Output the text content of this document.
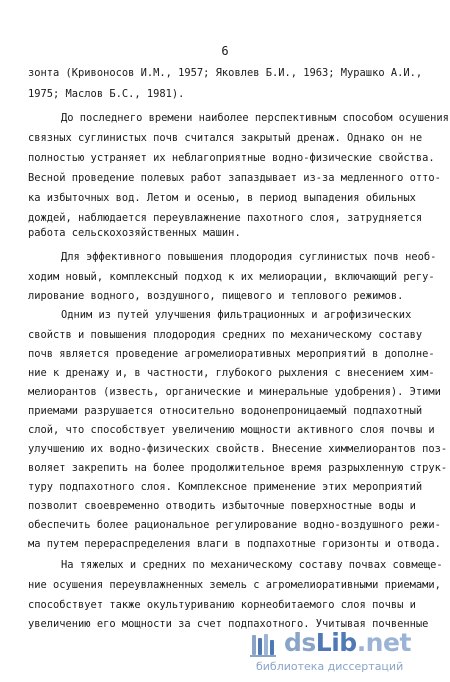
6
зонта (Кривоносов И.М., 1957; Яковлев Б.И., 1963; Мурашко А.И.,
1975; Маслов Б.С., 1981).
До последнего времени наиболее перспективным способом осушения
связных суглинистых почв считался закрытый дренаж. Однако он не
полностью устраняет их неблагоприятные водно-физические свойства.
Весной проведение полевых работ запаздывает из-за медленного отто-
ка избыточных вод. Летом и осенью, в период выпадения обильных
дождей, наблюдается переувлажнение пахотного слоя, затрудняется
работа сельскохозяйственных машин.
Для эффективного повышения плодородия суглинистых почв необ-
ходим новый, комплексный подход к их мелиорации, включающий регу-
лирование водного, воздушного, пищевого и теплового режимов.
Одним из путей улучшения фильтрационных и агрофизических
свойств и повышения плодородия средних по механическому составу
почв является проведение агромелиоративных мероприятий в дополне-
ние к дренажу и, в частности, глубокого рыхления с внесением хим-
мелиорантов (известь, органические и минеральные удобрения). Этими
приемами разрушается относительно водонепроницаемый подпахотный
слой, что способствует увеличению мощности активного слоя почвы и
улучшению их водно-физических свойств. Внесение химмелиорантов поз-
воляет закрепить на более продолжительное время разрыхленную струк-
туру подпахотного слоя. Комплексное применение этих мероприятий
позволит своевременно отводить избыточные поверхностные воды и
обеспечить более рациональное регулирование водно-воздушного режи-
ма путем перераспределения влаги в подпахотные горизонты и отвода.
На тяжелых и средних по механическому составу почвах совмеще-
ние осушения переувлажненных земель с агромелиоративными приемами,
способствует также окультуриванию корнеобитаемого слоя почвы и
увеличению его мощности за счет подпахотного. Учитывая почвенные
dsLib.net
библиотека диссертаций
